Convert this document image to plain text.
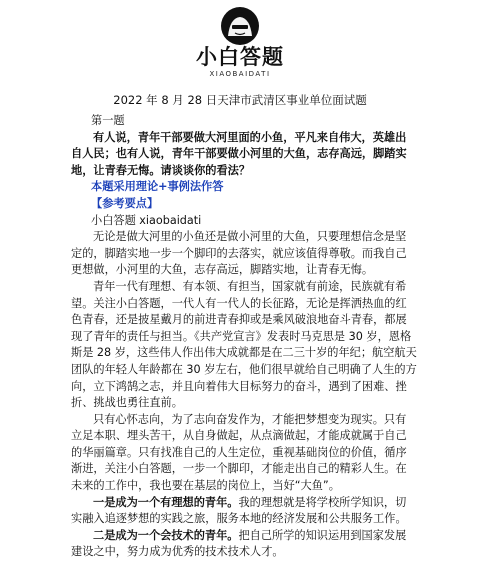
小白答题
XIAOBAIDATI
2022 年 8 月 28 日天津市武清区事业单位面试题

第一题

有人说，青年干部要做大河里面的小鱼，平凡来自伟大，英雄出自人民；也有人说，青年干部要做小河里的大鱼，志存高远，脚踏实地，让青春无悔。请谈谈你的看法？

本题采用理论+事例法作答

【参考要点】

小白答题 xiaobaidati

无论是做大河里的小鱼还是做小河里的大鱼，只要理想信念是坚定的，脚踏实地一步一个脚印的去落实，就应该值得尊敬。而我自己更想做，小河里的大鱼，志存高远，脚踏实地，让青春无悔。

青年一代有理想、有本领、有担当，国家就有前途，民族就有希望。关注小白答题，一代人有一代人的长征路，无论是挥洒热血的红色青春，还是披星戴月的前进青春抑或是乘风破浪地奋斗青春，都展现了青年的责任与担当。《共产党宣言》发表时马克思是 30 岁，恩格斯是 28 岁，这些伟人作出伟大成就都是在二三十岁的年纪；航空航天团队的年轻人年龄都在 30 岁左右，他们很早就给自己明确了人生的方向，立下鸿鹄之志，并且向着伟大目标努力的奋斗，遇到了困难、挫折、挑战也勇往直前。

只有心怀志向，为了志向奋发作为，才能把梦想变为现实。只有立足本职、埋头苦干，从自身做起，从点滴做起，才能成就属于自己的华丽篇章。只有找准自己的人生定位，重视基础岗位的价值，循序渐进，关注小白答题，一步一个脚印，才能走出自己的精彩人生。在未来的工作中，我也要在基层的岗位上，当好“大鱼”。

一是成为一个有理想的青年。我的理想就是将学校所学知识，切实融入追逐梦想的实践之旅，服务本地的经济发展和公共服务工作。

二是成为一个会技术的青年。把自己所学的知识运用到国家发展建设之中，努力成为优秀的技术技术人才。
